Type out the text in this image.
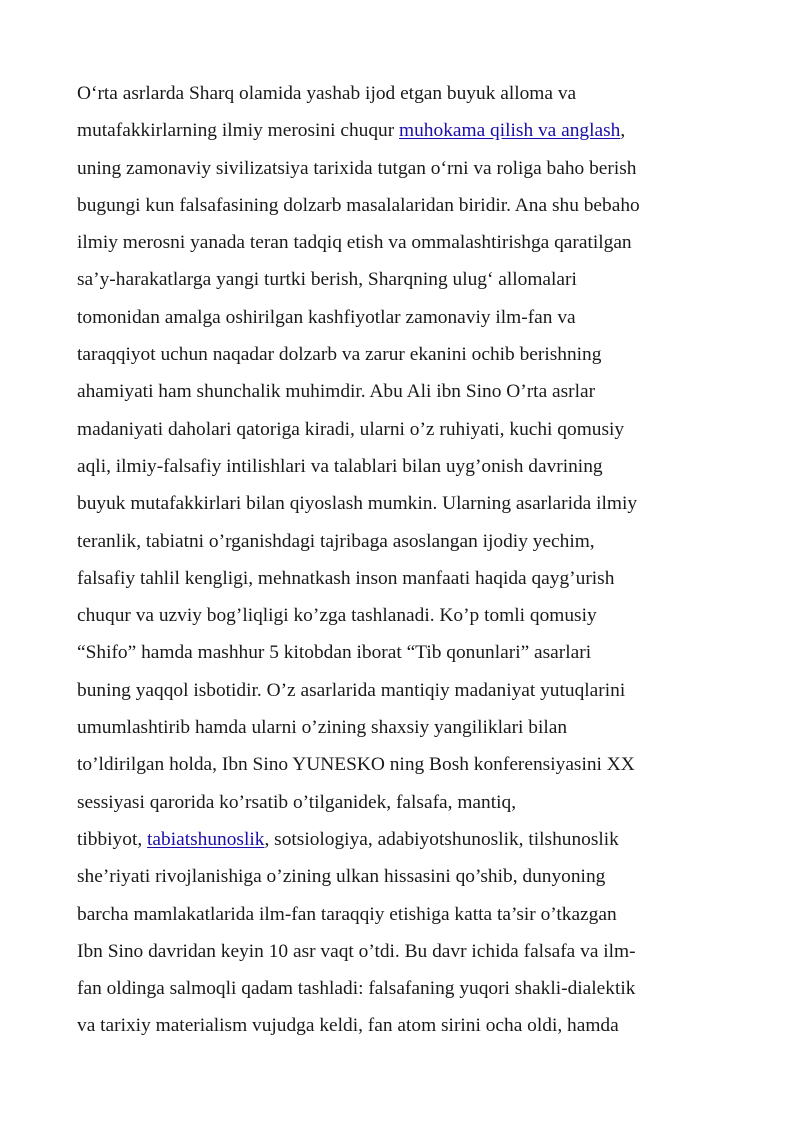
O‘rta asrlarda Sharq olamida yashab ijod etgan buyuk alloma va
mutafakkirlarning ilmiy merosini chuqur muhokama qilish va anglash,
uning zamonaviy sivilizatsiya tarixida tutgan o‘rni va roliga baho berish
bugungi kun falsafasining dolzarb masalalaridan biridir. Ana shu bebaho
ilmiy merosni yanada teran tadqiq etish va ommalashtirishga qaratilgan
sa’y-harakatlarga yangi turtki berish, Sharqning ulug‘ allomalari
tomonidan amalga oshirilgan kashfiyotlar zamonaviy ilm-fan va
taraqqiyot uchun naqadar dolzarb va zarur ekanini ochib berishning
ahamiyati ham shunchalik muhimdir. Abu Ali ibn Sino O’rta asrlar
madaniyati daholari qatoriga kiradi, ularni o’z ruhiyati, kuchi qomusiy
aqli, ilmiy-falsafiy intilishlari va talablari bilan uyg’onish davrining
buyuk mutafakkirlari bilan qiyoslash mumkin. Ularning asarlarida ilmiy
teranlik, tabiatni o’rganishdagi tajribaga asoslangan ijodiy yechim,
falsafiy tahlil kengligi, mehnatkash inson manfaati haqida qayg’urish
chuqur va uzviy bog’liqligi ko’zga tashlanadi. Ko’p tomli qomusiy
“Shifo” hamda mashhur 5 kitobdan iborat “Tib qonunlari” asarlari
buning yaqqol isbotidir. O’z asarlarida mantiqiy madaniyat yutuqlarini
umumlashtirib hamda ularni o’zining shaxsiy yangiliklari bilan
to’ldirilgan holda, Ibn Sino YUNESKO ning Bosh konferensiyasini XX
sessiyasi qarorida ko’rsatib o’tilganidek, falsafa, mantiq,
tibbiyot, tabiatshunoslik, sotsiologiya, adabiyotshunoslik, tilshunoslik
she’riyati rivojlanishiga o’zining ulkan hissasini qo’shib, dunyoning
barcha mamlakatlarida ilm-fan taraqqiy etishiga katta ta’sir o’tkazgan
Ibn Sino davridan keyin 10 asr vaqt o’tdi. Bu davr ichida falsafa va ilm-
fan oldinga salmoqli qadam tashladi: falsafaning yuqori shakli-dialektik
va tarixiy materialism vujudga keldi, fan atom sirini ocha oldi, hamda
